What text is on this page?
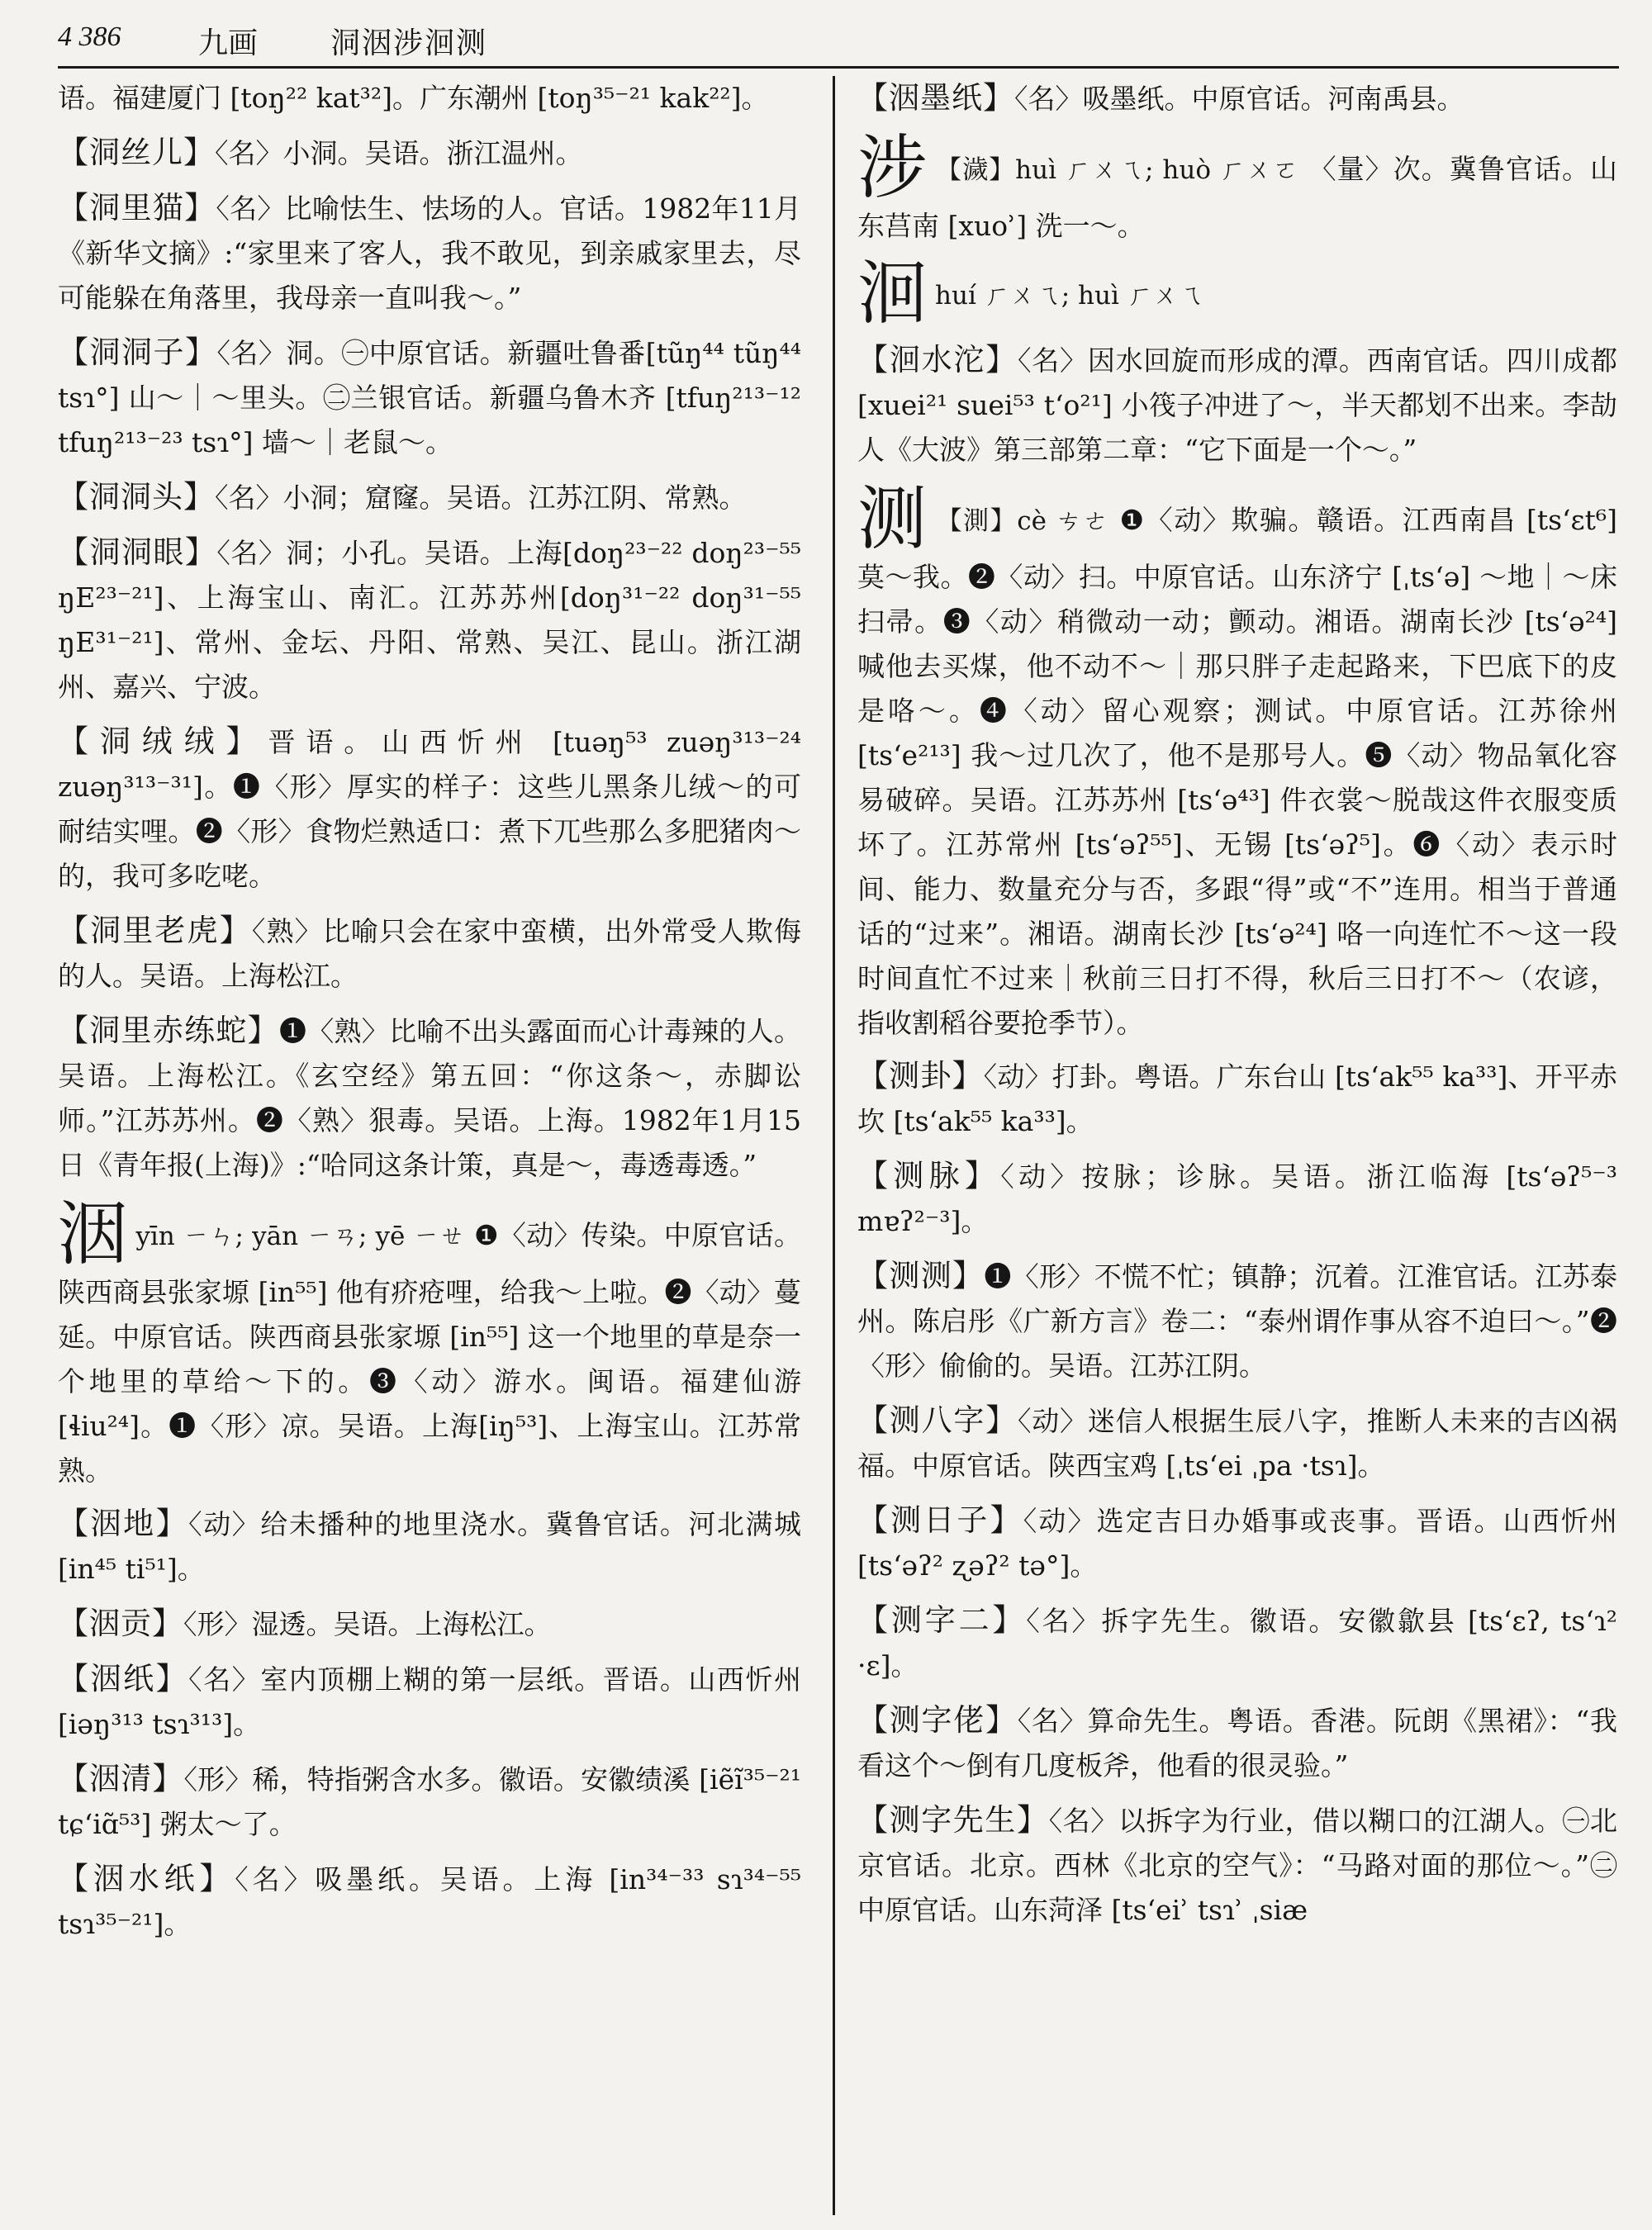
4 386	九画 洞洇涉洄测

语。福建厦门 [toŋ²² kat³²]。广东潮州 [toŋ³⁵⁻²¹ kak²²]。

【洞丝儿】〈名〉小洞。吴语。浙江温州。

【洞里猫】〈名〉比喻怯生、怯场的人。官话。1982年11月《新华文摘》:“家里来了客人，我不敢见，到亲戚家里去，尽可能躲在角落里，我母亲一直叫我～。”

【洞洞子】〈名〉洞。㊀中原官话。新疆吐鲁番[tũŋ⁴⁴ tũŋ⁴⁴ tsɿ°] 山～｜～里头。㊁兰银官话。新疆乌鲁木齐 [tfuŋ²¹³⁻¹² tfuŋ²¹³⁻²³ tsɿ°] 墙～｜老鼠～。

【洞洞头】〈名〉小洞；窟窿。吴语。江苏江阴、常熟。

【洞洞眼】〈名〉洞；小孔。吴语。上海[doŋ²³⁻²² doŋ²³⁻⁵⁵ ŋE²³⁻²¹]、上海宝山、南汇。江苏苏州[doŋ³¹⁻²² doŋ³¹⁻⁵⁵ ŋE³¹⁻²¹]、常州、金坛、丹阳、常熟、吴江、昆山。浙江湖州、嘉兴、宁波。

【洞绒绒】晋语。山西忻州 [tuəŋ⁵³ zuəŋ³¹³⁻²⁴ zuəŋ³¹³⁻³¹]。❶〈形〉厚实的样子：这些儿黑条儿绒～的可耐结实哩。❷〈形〉食物烂熟适口：煮下兀些那么多肥猪肉～的，我可多吃咾。

【洞里老虎】〈熟〉比喻只会在家中蛮横，出外常受人欺侮的人。吴语。上海松江。

【洞里赤练蛇】❶〈熟〉比喻不出头露面而心计毒辣的人。吴语。上海松江。《玄空经》第五回：“你这条～，赤脚讼师。”江苏苏州。❷〈熟〉狠毒。吴语。上海。1982年1月15日《青年报(上海)》:“哈同这条计策，真是～，毒透毒透。”

洇yīn ㄧㄣ; yān ㄧㄢ; yē ㄧㄝ ❶〈动〉传染。中原官话。陕西商县张家塬 [in⁵⁵] 他有疥疮哩，给我～上啦。❷〈动〉蔓延。中原官话。陕西商县张家塬 [in⁵⁵] 这一个地里的草是奈一个地里的草给～下的。❸〈动〉游水。闽语。福建仙游 [ɬiu²⁴]。❶〈形〉凉。吴语。上海[iŋ⁵³]、上海宝山。江苏常熟。

【洇地】〈动〉给未播种的地里浇水。冀鲁官话。河北满城 [in⁴⁵ ti⁵¹]。

【洇贡】〈形〉湿透。吴语。上海松江。

【洇纸】〈名〉室内顶棚上糊的第一层纸。晋语。山西忻州 [iəŋ³¹³ tsɿ³¹³]。

【洇清】〈形〉稀，特指粥含水多。徽语。安徽绩溪 [iẽĩ³⁵⁻²¹ tɕʻiɑ̃⁵³] 粥太～了。

【洇水纸】〈名〉吸墨纸。吴语。上海 [in³⁴⁻³³ sɿ³⁴⁻⁵⁵ tsɿ³⁵⁻²¹]。

【洇墨纸】〈名〉吸墨纸。中原官话。河南禹县。

涉 【濊】huì ㄏㄨㄟ; huò ㄏㄨㄛ 〈量〉次。冀鲁官话。山东莒南 [xuoʾ] 洗一～。

洄huí ㄏㄨㄟ; huì ㄏㄨㄟ

【洄水沱】〈名〉因水回旋而形成的潭。西南官话。四川成都 [xuei²¹ suei⁵³ tʻo²¹] 小筏子冲进了～，半天都划不出来。李劼人《大波》第三部第二章：“它下面是一个～。”

测 【測】cè ㄘㄜ ❶〈动〉欺骗。赣语。江西南昌 [tsʻɛt⁶] 莫～我。❷〈动〉扫。中原官话。山东济宁 [ˌtsʻə] ～地｜～床扫帚。❸〈动〉稍微动一动；颤动。湘语。湖南长沙 [tsʻə²⁴] 喊他去买煤，他不动不～｜那只胖子走起路来，下巴底下的皮是咯～。❹〈动〉留心观察；测试。中原官话。江苏徐州 [tsʻe²¹³] 我～过几次了，他不是那号人。❺〈动〉物品氧化容易破碎。吴语。江苏苏州 [tsʻə⁴³] 件衣裳～脱哉这件衣服变质坏了。江苏常州 [tsʻəʔ⁵⁵]、无锡 [tsʻəʔ⁵]。❻〈动〉表示时间、能力、数量充分与否，多跟“得”或“不”连用。相当于普通话的“过来”。湘语。湖南长沙 [tsʻə²⁴] 咯一向连忙不～这一段时间直忙不过来｜秋前三日打不得，秋后三日打不～（农谚，指收割稻谷要抢季节）。

【测卦】〈动〉打卦。粤语。广东台山 [tsʻak⁵⁵ ka³³]、开平赤坎 [tsʻak⁵⁵ ka³³]。

【测脉】〈动〉按脉；诊脉。吴语。浙江临海 [tsʻəʔ⁵⁻³ mɐʔ²⁻³]。

【测测】❶〈形〉不慌不忙；镇静；沉着。江淮官话。江苏泰州。陈启彤《广新方言》卷二：“泰州谓作事从容不迫曰～。”❷〈形〉偷偷的。吴语。江苏江阴。

【测八字】〈动〉迷信人根据生辰八字，推断人未来的吉凶祸福。中原官话。陕西宝鸡 [ˌtsʻei ˌpa ·tsɿ]。

【测日子】〈动〉选定吉日办婚事或丧事。晋语。山西忻州 [tsʻəʔ² ʐəʔ² tə°]。

【测字二】〈名〉拆字先生。徽语。安徽歙县 [tsʻɛʔ, tsʻɿ² ·ɛ]。

【测字佬】〈名〉算命先生。粤语。香港。阮朗《黑裙》：“我看这个～倒有几度板斧，他看的很灵验。”

【测字先生】〈名〉以拆字为行业，借以糊口的江湖人。㊀北京官话。北京。西林《北京的空气》：“马路对面的那位～。”㊁中原官话。山东菏泽 [tsʻeiʾ tsɿʾ ˌsiæ
